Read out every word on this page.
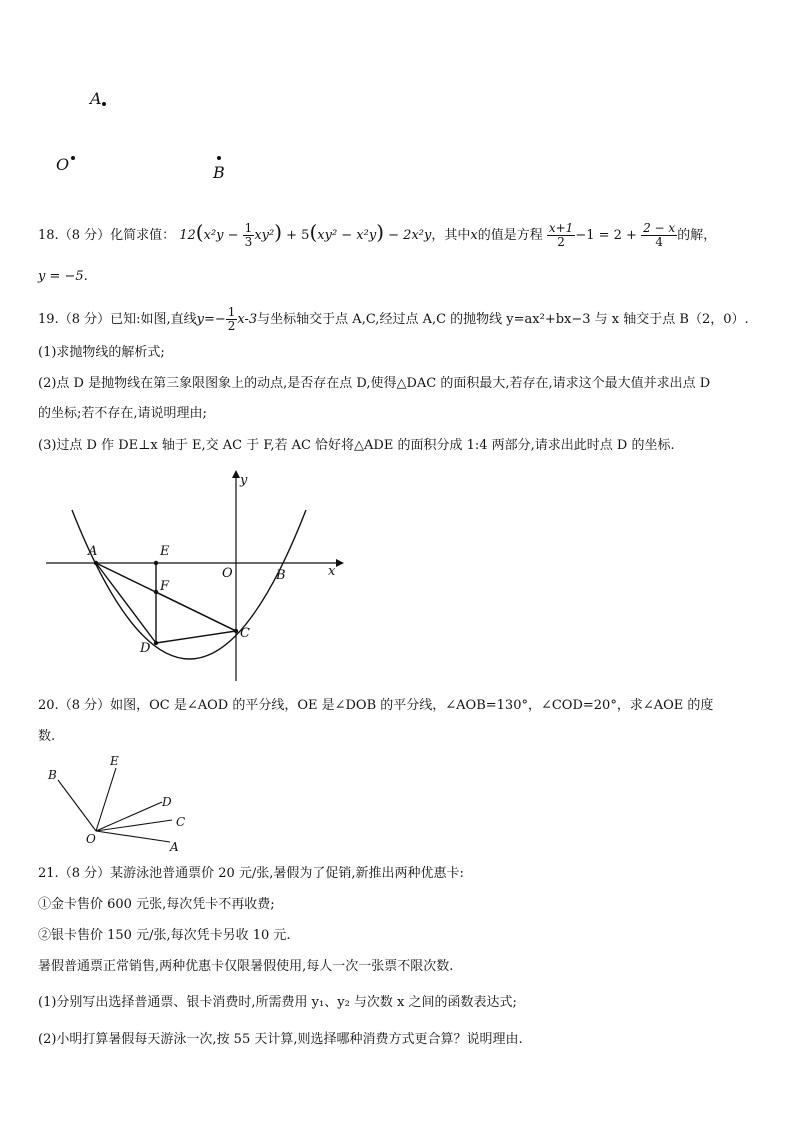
A
O	B
18.（8 分）化简求值： $12(x^2y - \frac{1}{3} xy^2) + 5(xy^2 - x^2y) - 2x^2y$，其中x的值是方程 $\frac{x+1}{2} -1 = 2 + \frac{2 - x}{4}$ 的解，
y = −5.
19.（8 分）已知:如图,直线$y=- \frac{1}{2} x-3$与坐标轴交于点 A,C,经过点 A,C 的抛物线 y=ax²+bx−3 与 x 轴交于点 B（2，0）.
(1)求抛物线的解析式;
(2)点 D 是抛物线在第三象限图象上的动点,是否存在点 D,使得△DAC 的面积最大,若存在,请求这个最大值并求出点 D
的坐标;若不存在,请说明理由;
(3)过点 D 作 DE⊥x 轴于 E,交 AC 于 F,若 AC 恰好将△ADE 的面积分成 1:4 两部分,请求出此时点 D 的坐标.
y
x
A	E
O	B
F
C
D
20.（8 分）如图，OC 是∠AOD 的平分线，OE 是∠DOB 的平分线，∠AOB=130°，∠COD=20°，求∠AOE 的度
数.
B
E
D
C
O
A
21.（8 分）某游泳池普通票价 20 元/张,暑假为了促销,新推出两种优惠卡:
①金卡售价 600 元张,每次凭卡不再收费;
②银卡售价 150 元/张,每次凭卡另收 10 元.
暑假普通票正常销售,两种优惠卡仅限暑假使用,每人一次一张票不限次数.
(1)分别写出选择普通票、银卡消费时,所需费用 y₁、y₂ 与次数 x 之间的函数表达式;
(2)小明打算暑假每天游泳一次,按 55 天计算,则选择哪种消费方式更合算？说明理由.
